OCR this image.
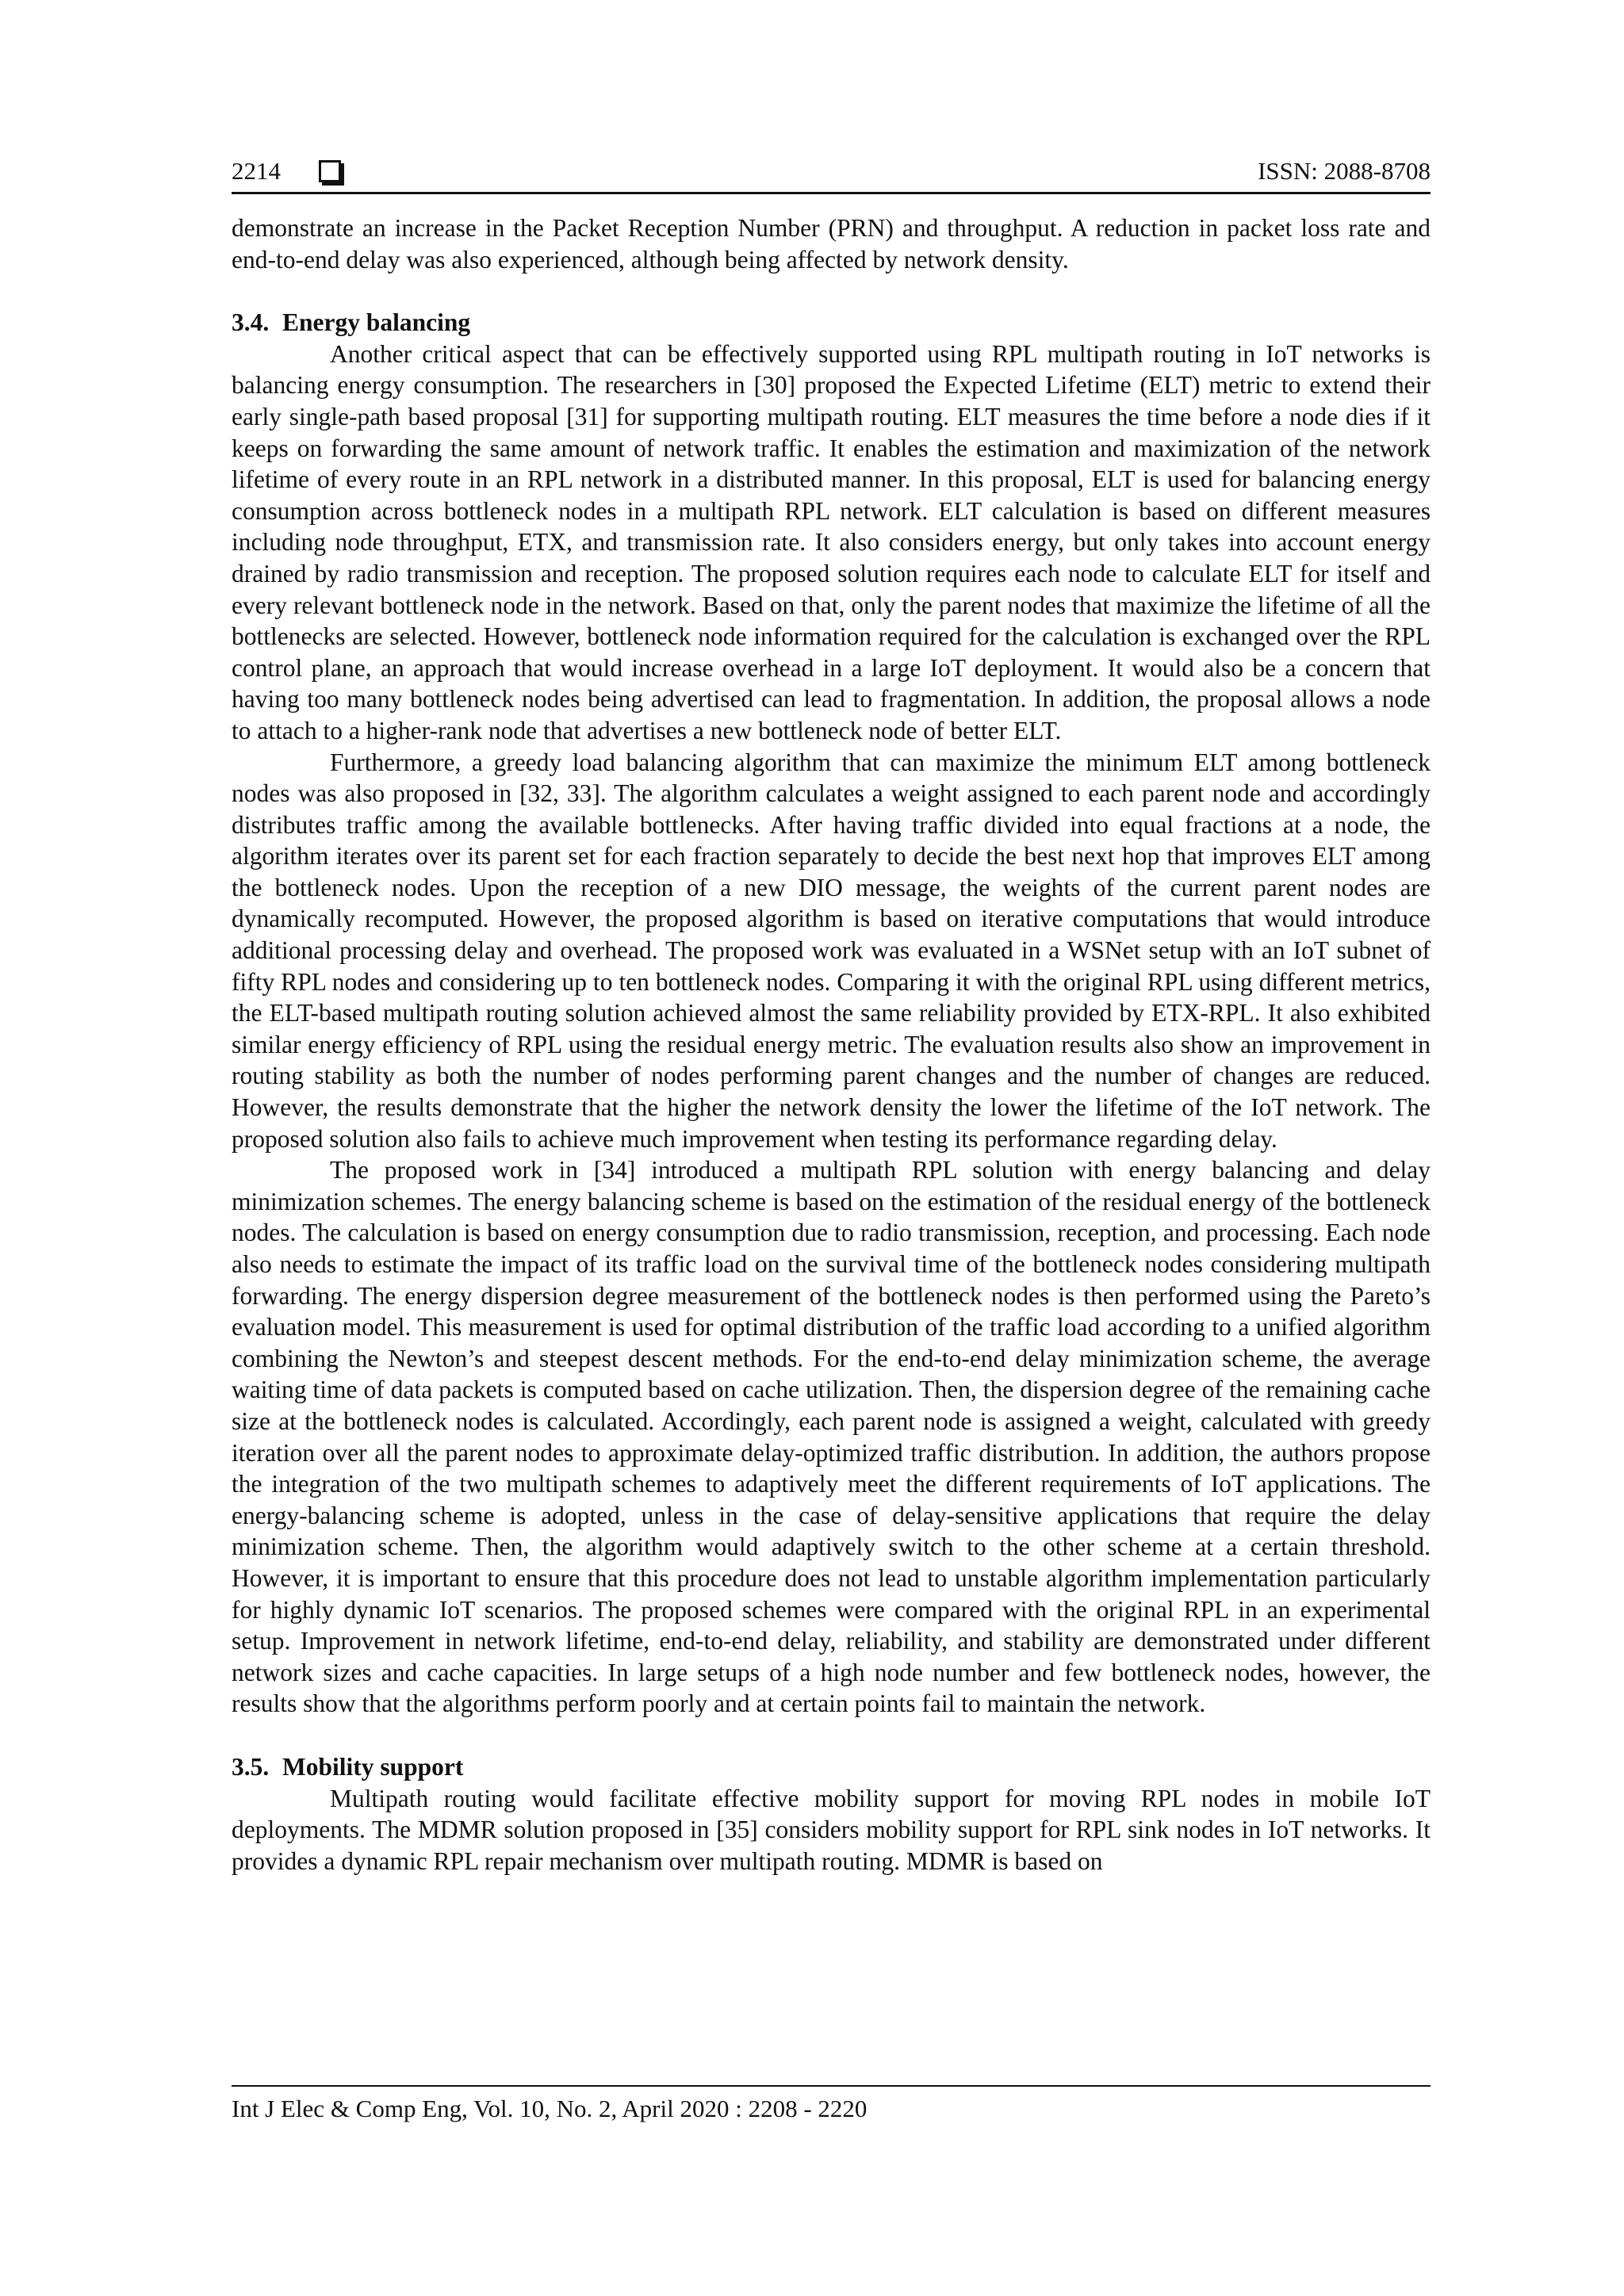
2214	ISSN: 2088-8708

demonstrate an increase in the Packet Reception Number (PRN) and throughput. A reduction in packet loss rate and end-to-end delay was also experienced, although being affected by network density.

3.4. Energy balancing

Another critical aspect that can be effectively supported using RPL multipath routing in IoT networks is balancing energy consumption. The researchers in [30] proposed the Expected Lifetime (ELT) metric to extend their early single-path based proposal [31] for supporting multipath routing. ELT measures the time before a node dies if it keeps on forwarding the same amount of network traffic. It enables the estimation and maximization of the network lifetime of every route in an RPL network in a distributed manner. In this proposal, ELT is used for balancing energy consumption across bottleneck nodes in a multipath RPL network. ELT calculation is based on different measures including node throughput, ETX, and transmission rate. It also considers energy, but only takes into account energy drained by radio transmission and reception. The proposed solution requires each node to calculate ELT for itself and every relevant bottleneck node in the network. Based on that, only the parent nodes that maximize the lifetime of all the bottlenecks are selected. However, bottleneck node information required for the calculation is exchanged over the RPL control plane, an approach that would increase overhead in a large IoT deployment. It would also be a concern that having too many bottleneck nodes being advertised can lead to fragmentation. In addition, the proposal allows a node to attach to a higher-rank node that advertises a new bottleneck node of better ELT.

Furthermore, a greedy load balancing algorithm that can maximize the minimum ELT among bottleneck nodes was also proposed in [32, 33]. The algorithm calculates a weight assigned to each parent node and accordingly distributes traffic among the available bottlenecks. After having traffic divided into equal fractions at a node, the algorithm iterates over its parent set for each fraction separately to decide the best next hop that improves ELT among the bottleneck nodes. Upon the reception of a new DIO message, the weights of the current parent nodes are dynamically recomputed. However, the proposed algorithm is based on iterative computations that would introduce additional processing delay and overhead. The proposed work was evaluated in a WSNet setup with an IoT subnet of fifty RPL nodes and considering up to ten bottleneck nodes. Comparing it with the original RPL using different metrics, the ELT-based multipath routing solution achieved almost the same reliability provided by ETX-RPL. It also exhibited similar energy efficiency of RPL using the residual energy metric. The evaluation results also show an improvement in routing stability as both the number of nodes performing parent changes and the number of changes are reduced. However, the results demonstrate that the higher the network density the lower the lifetime of the IoT network. The proposed solution also fails to achieve much improvement when testing its performance regarding delay.

The proposed work in [34] introduced a multipath RPL solution with energy balancing and delay minimization schemes. The energy balancing scheme is based on the estimation of the residual energy of the bottleneck nodes. The calculation is based on energy consumption due to radio transmission, reception, and processing. Each node also needs to estimate the impact of its traffic load on the survival time of the bottleneck nodes considering multipath forwarding. The energy dispersion degree measurement of the bottleneck nodes is then performed using the Pareto’s evaluation model. This measurement is used for optimal distribution of the traffic load according to a unified algorithm combining the Newton’s and steepest descent methods. For the end-to-end delay minimization scheme, the average waiting time of data packets is computed based on cache utilization. Then, the dispersion degree of the remaining cache size at the bottleneck nodes is calculated. Accordingly, each parent node is assigned a weight, calculated with greedy iteration over all the parent nodes to approximate delay-optimized traffic distribution. In addition, the authors propose the integration of the two multipath schemes to adaptively meet the different requirements of IoT applications. The energy-balancing scheme is adopted, unless in the case of delay-sensitive applications that require the delay minimization scheme. Then, the algorithm would adaptively switch to the other scheme at a certain threshold. However, it is important to ensure that this procedure does not lead to unstable algorithm implementation particularly for highly dynamic IoT scenarios. The proposed schemes were compared with the original RPL in an experimental setup. Improvement in network lifetime, end-to-end delay, reliability, and stability are demonstrated under different network sizes and cache capacities. In large setups of a high node number and few bottleneck nodes, however, the results show that the algorithms perform poorly and at certain points fail to maintain the network.

3.5. Mobility support

Multipath routing would facilitate effective mobility support for moving RPL nodes in mobile IoT deployments. The MDMR solution proposed in [35] considers mobility support for RPL sink nodes in IoT networks. It provides a dynamic RPL repair mechanism over multipath routing. MDMR is based on

Int J Elec & Comp Eng, Vol. 10, No. 2, April 2020 : 2208 - 2220
